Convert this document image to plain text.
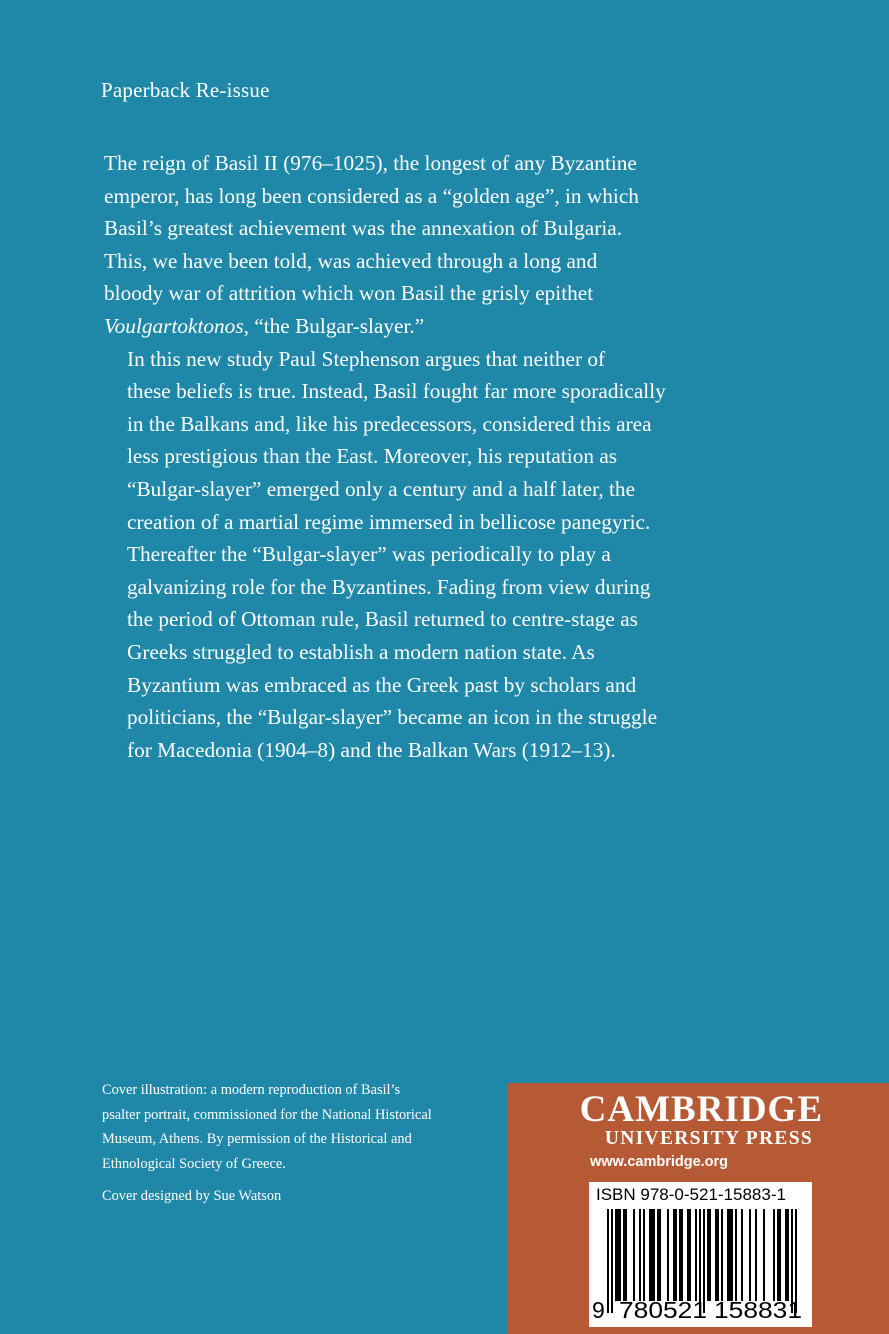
Paperback Re-issue

The reign of Basil II (976–1025), the longest of any Byzantine
emperor, has long been considered as a “golden age”, in which
Basil’s greatest achievement was the annexation of Bulgaria.
This, we have been told, was achieved through a long and
bloody war of attrition which won Basil the grisly epithet
Voulgartoktonos, “the Bulgar-slayer.”

In this new study Paul Stephenson argues that neither of
these beliefs is true. Instead, Basil fought far more sporadically
in the Balkans and, like his predecessors, considered this area
less prestigious than the East. Moreover, his reputation as
“Bulgar-slayer” emerged only a century and a half later, the
creation of a martial regime immersed in bellicose panegyric.
Thereafter the “Bulgar-slayer” was periodically to play a
galvanizing role for the Byzantines. Fading from view during
the period of Ottoman rule, Basil returned to centre-stage as
Greeks struggled to establish a modern nation state. As
Byzantium was embraced as the Greek past by scholars and
politicians, the “Bulgar-slayer” became an icon in the struggle
for Macedonia (1904–8) and the Balkan Wars (1912–13).

Cover illustration: a modern reproduction of Basil’s
psalter portrait, commissioned for the National Historical
Museum, Athens. By permission of the Historical and
Ethnological Society of Greece.

Cover designed by Sue Watson

CAMBRIDGE
UNIVERSITY PRESS
www.cambridge.org
9 780521 158831
ISBN 978-0-521-15883-1
